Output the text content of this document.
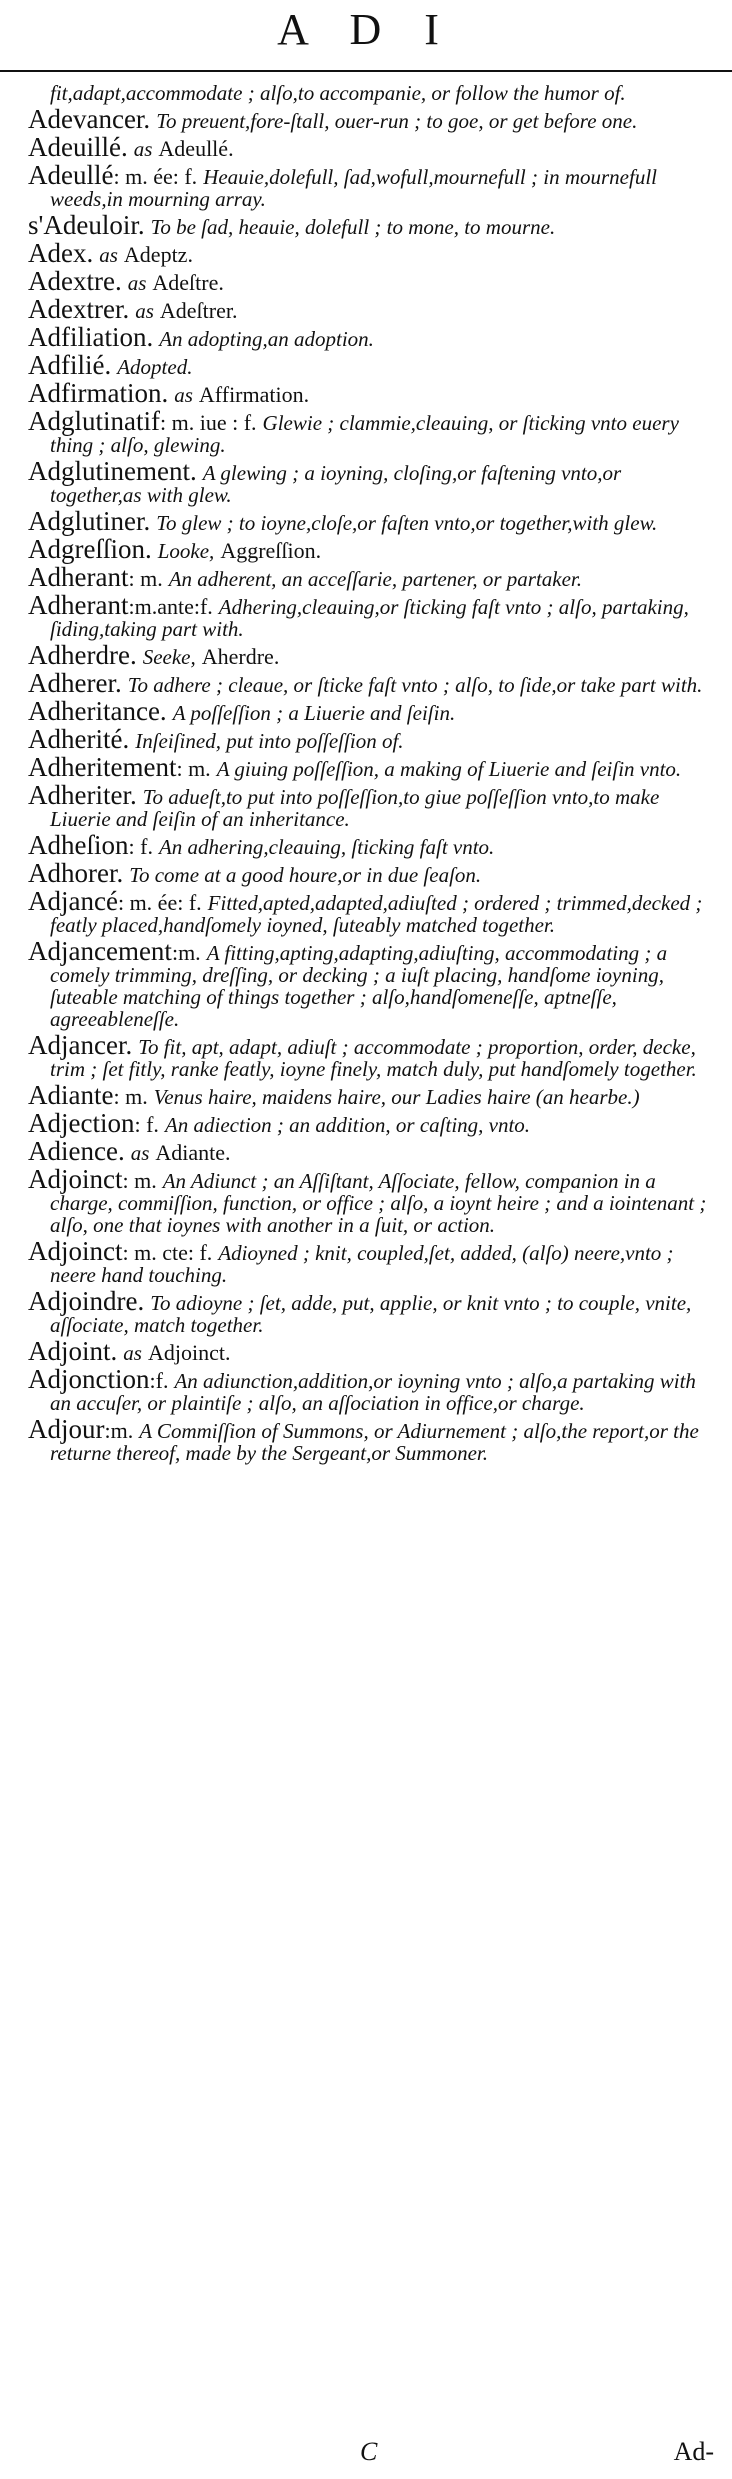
A D I

fit,adapt,accommodate ; alſo,to accompanie, or follow the humor of.

Adevancer. To preuent,fore-ſtall, ouer-run ; to goe, or get before one.

Adeuillé. as Adeullé.

Adeullé: m. ée: f. Heauie,dolefull, ſad,wofull,mournefull ; in mournefull weeds,in mourning array.

s'Adeuloir. To be ſad, heauie, dolefull ; to mone, to mourne.

Adex. as Adeptz.

Adextre. as Adeſtre.

Adextrer. as Adeſtrer.

Adfiliation. An adopting,an adoption.

Adfilié. Adopted.

Adfirmation. as Affirmation.

Adglutinatif: m. iue : f. Glewie ; clammie,cleauing, or ſticking vnto euery thing ; alſo, glewing.

Adglutinement. A glewing ; a ioyning, cloſing,or faſtening vnto,or together,as with glew.

Adglutiner. To glew ; to ioyne,cloſe,or faſten vnto,or together,with glew.

Adgreſſion. Looke, Aggreſſion.

Adherant: m. An adherent, an acceſſarie, partener, or partaker.

Adherant:m.ante:f. Adhering,cleauing,or ſticking faſt vnto ; alſo, partaking, ſiding,taking part with.

Adherdre. Seeke, Aherdre.

Adherer. To adhere ; cleaue, or ſticke faſt vnto ; alſo, to ſide,or take part with.

Adheritance. A poſſeſſion ; a Liuerie and ſeiſin.

Adherité. Inſeiſined, put into poſſeſſion of.

Adheritement: m. A giuing poſſeſſion, a making of Liuerie and ſeiſin vnto.

Adheriter. To adueſt,to put into poſſeſſion,to giue poſſeſſion vnto,to make Liuerie and ſeiſin of an inheritance.

Adheſion: f. An adhering,cleauing, ſticking faſt vnto.

Adhorer. To come at a good houre,or in due ſeaſon.

Adjancé: m. ée: f. Fitted,apted,adapted,adiuſted ; ordered ; trimmed,decked ; featly placed,handſomely ioyned, ſuteably matched together.

Adjancement:m. A fitting,apting,adapting,adiuſting, accommodating ; a comely trimming, dreſſing, or decking ; a iuſt placing, handſome ioyning, ſuteable matching of things together ; alſo,handſomeneſſe, aptneſſe, agreeableneſſe.

Adjancer. To fit, apt, adapt, adiuſt ; accommodate ; proportion, order, decke, trim ; ſet fitly, ranke featly, ioyne finely, match duly, put handſomely together.

Adiante: m. Venus haire, maidens haire, our Ladies haire (an hearbe.)

Adjection: f. An adiection ; an addition, or caſting, vnto.

Adience. as Adiante.

Adjoinct: m. An Adiunct ; an Aſſiſtant, Aſſociate, fellow, companion in a charge, commiſſion, function, or office ; alſo, a ioynt heire ; and a iointenant ; alſo, one that ioynes with another in a ſuit, or action.

Adjoinct: m. cte: f. Adioyned ; knit, coupled,ſet, added, (alſo) neere,vnto ; neere hand touching.

Adjoindre. To adioyne ; ſet, adde, put, applie, or knit vnto ; to couple, vnite, aſſociate, match together.

Adjoint. as Adjoinct.

Adjonction:f. An adiunction,addition,or ioyning vnto ; alſo,a partaking with an accuſer, or plaintiſe ; alſo, an aſſociation in office,or charge.

Adjour:m. A Commiſſion of Summons, or Adiurnement ; alſo,the report,or the returne thereof, made by the Sergeant,or Summoner.

C	Ad-
